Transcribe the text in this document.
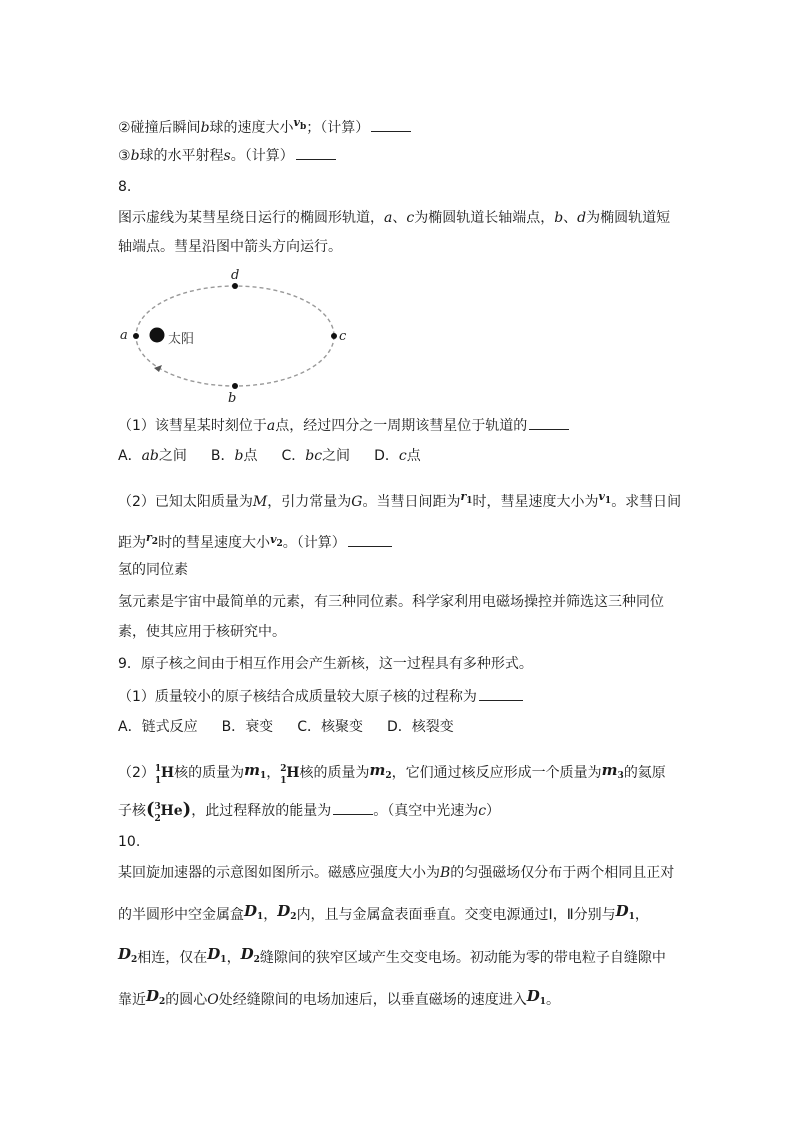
②碰撞后瞬间b球的速度大小$^{v_b}$；（计算）
③b球的水平射程s。（计算）
8.
图示虚线为某彗星绕日运行的椭圆形轨道，a、c为椭圆轨道长轴端点，b、d为椭圆轨道短
轴端点。彗星沿图中箭头方向运行。
a	c
d
b
太阳
（1）该彗星某时刻位于a点，经过四分之一周期该彗星位于轨道的
A．ab之间 B．b点 C．bc之间 D．c点
（2）已知太阳质量为M，引力常量为G。当彗日间距为$^{r_1}$时，彗星速度大小为$^{v_1}$。求彗日间
距为$^{r_2}$时的彗星速度大小$^{v_2}$。（计算）
氢的同位素
氢元素是宇宙中最简单的元素，有三种同位素。科学家利用电磁场操控并筛选这三种同位
素，使其应用于核研究中。
9．原子核之间由于相互作用会产生新核，这一过程具有多种形式。
（1）质量较小的原子核结合成质量较大原子核的过程称为
A．链式反应 B．衰变 C．核聚变 D．核裂变
（2） 1
1 H核的质量为$m_1$， 2
1 H核的质量为$m_2$，它们通过核反应形成一个质量为$m_3$的氦原
子核( 3
2 He)，此过程释放的能量为	。（真空中光速为c）
10.
某回旋加速器的示意图如图所示。磁感应强度大小为B的匀强磁场仅分布于两个相同且正对
的半圆形中空金属盒$D_1$，$D_2$内，且与金属盒表面垂直。交变电源通过Ⅰ，Ⅱ分别与$D_1$，
$D_2$相连，仅在$D_1$，$D_2$缝隙间的狭窄区域产生交变电场。初动能为零的带电粒子自缝隙中
靠近$D_2$的圆心O处经缝隙间的电场加速后，以垂直磁场的速度进入$D_1$。
